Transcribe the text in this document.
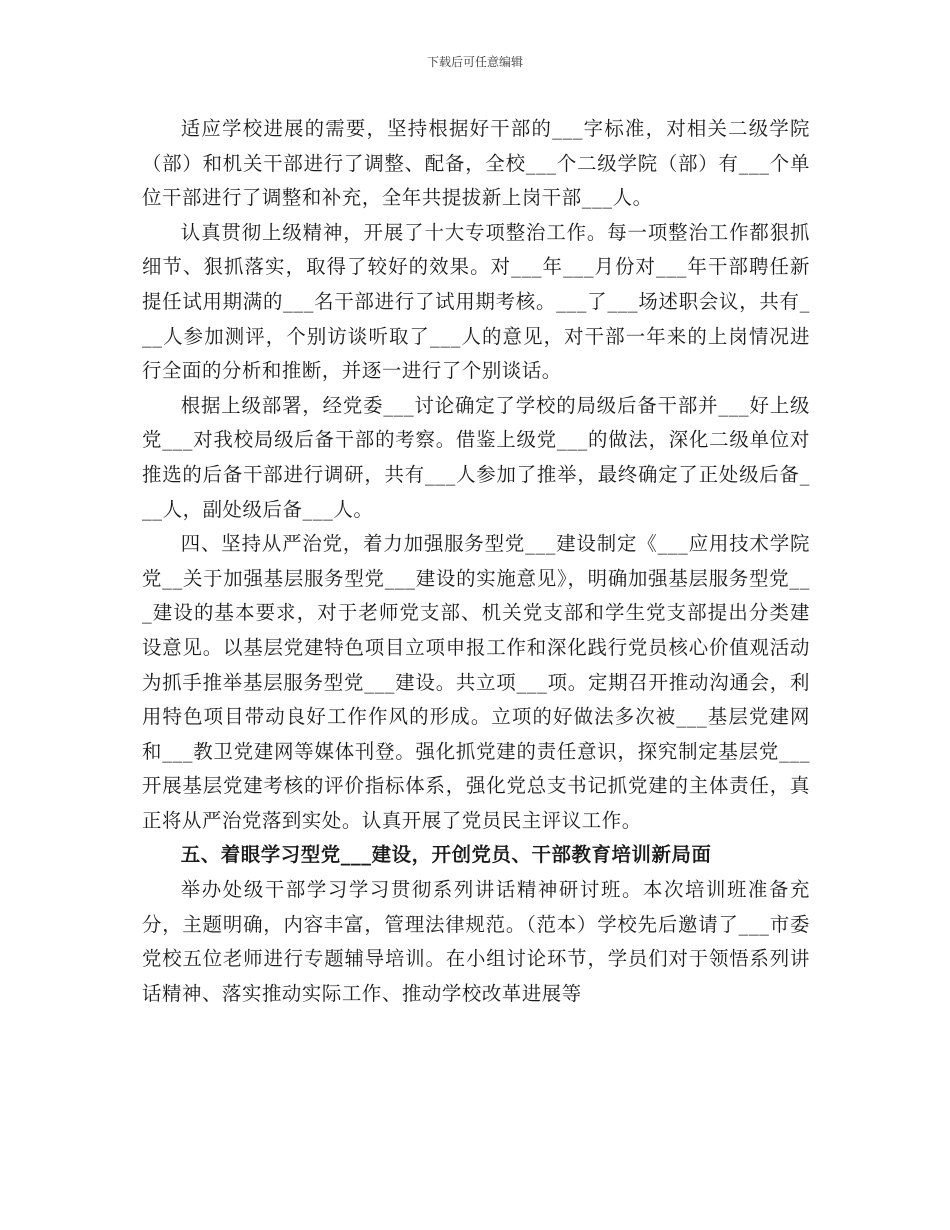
下载后可任意编辑

适应学校进展的需要，坚持根据好干部的___字标准，对相关二级学院（部）和机关干部进行了调整、配备，全校___个二级学院（部）有___个单位干部进行了调整和补充，全年共提拔新上岗干部___人。

认真贯彻上级精神，开展了十大专项整治工作。每一项整治工作都狠抓细节、狠抓落实，取得了较好的效果。对___年___月份对___年干部聘任新提任试用期满的___名干部进行了试用期考核。___了___场述职会议，共有___人参加测评，个别访谈听取了___人的意见，对干部一年来的上岗情况进行全面的分析和推断，并逐一进行了个别谈话。

根据上级部署，经党委___讨论确定了学校的局级后备干部并___好上级党___对我校局级后备干部的考察。借鉴上级党___的做法，深化二级单位对推选的后备干部进行调研，共有___人参加了推举，最终确定了正处级后备___人，副处级后备___人。

四、坚持从严治党，着力加强服务型党___建设制定《___应用技术学院党__关于加强基层服务型党___建设的实施意见》，明确加强基层服务型党___建设的基本要求，对于老师党支部、机关党支部和学生党支部提出分类建设意见。以基层党建特色项目立项申报工作和深化践行党员核心价值观活动为抓手推举基层服务型党___建设。共立项___项。定期召开推动沟通会，利用特色项目带动良好工作作风的形成。立项的好做法多次被___基层党建网和___教卫党建网等媒体刊登。强化抓党建的责任意识，探究制定基层党___开展基层党建考核的评价指标体系，强化党总支书记抓党建的主体责任，真正将从严治党落到实处。认真开展了党员民主评议工作。

五、着眼学习型党___建设，开创党员、干部教育培训新局面

举办处级干部学习学习贯彻系列讲话精神研讨班。本次培训班准备充分，主题明确，内容丰富，管理法律规范。（范本）学校先后邀请了___市委党校五位老师进行专题辅导培训。在小组讨论环节，学员们对于领悟系列讲话精神、落实推动实际工作、推动学校改革进展等
